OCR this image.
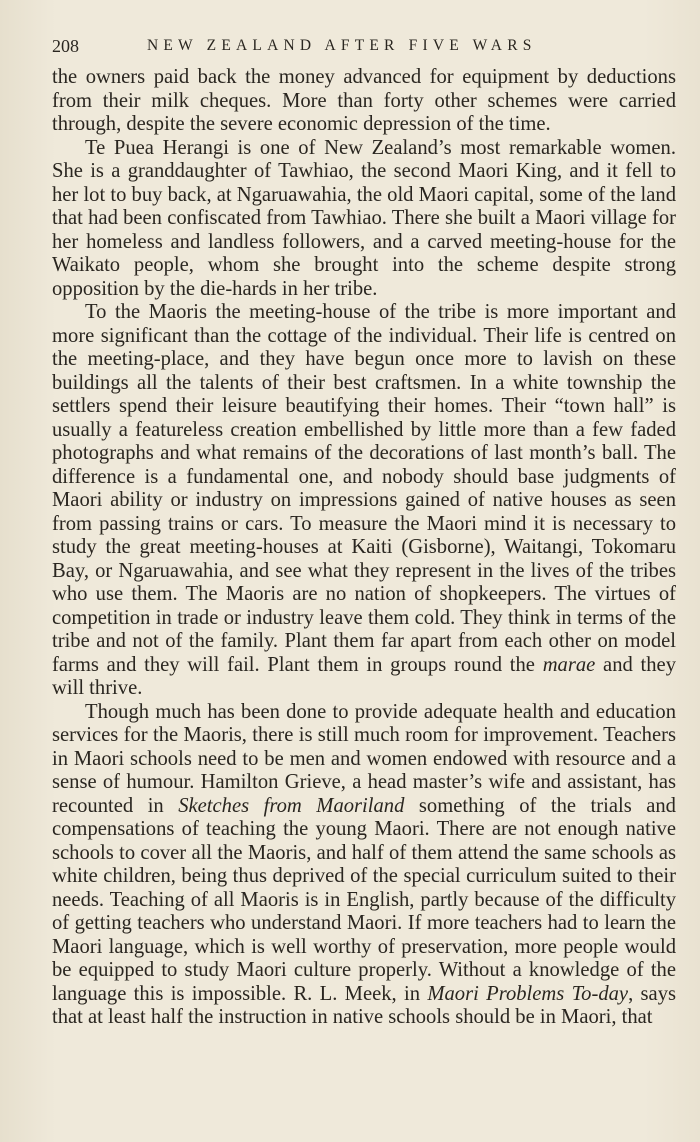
208	NEW ZEALAND AFTER FIVE WARS

the owners paid back the money advanced for equipment by deductions from their milk cheques. More than forty other schemes were carried through, despite the severe economic depression of the time.

Te Puea Herangi is one of New Zealand’s most remarkable women. She is a granddaughter of Tawhiao, the second Maori King, and it fell to her lot to buy back, at Ngaruawahia, the old Maori capital, some of the land that had been confiscated from Tawhiao. There she built a Maori village for her homeless and landless followers, and a carved meeting-house for the Waikato people, whom she brought into the scheme despite strong opposition by the die-hards in her tribe.

To the Maoris the meeting-house of the tribe is more important and more significant than the cottage of the individual. Their life is centred on the meeting-place, and they have begun once more to lavish on these buildings all the talents of their best craftsmen. In a white township the settlers spend their leisure beautifying their homes. Their “town hall” is usually a featureless creation embellished by little more than a few faded photographs and what remains of the decorations of last month’s ball. The difference is a fundamental one, and nobody should base judgments of Maori ability or industry on impressions gained of native houses as seen from passing trains or cars. To measure the Maori mind it is necessary to study the great meeting-houses at Kaiti (Gisborne), Waitangi, Tokomaru Bay, or Ngaruawahia, and see what they represent in the lives of the tribes who use them. The Maoris are no nation of shopkeepers. The virtues of competition in trade or industry leave them cold. They think in terms of the tribe and not of the family. Plant them far apart from each other on model farms and they will fail. Plant them in groups round the marae and they will thrive.

Though much has been done to provide adequate health and education services for the Maoris, there is still much room for improvement. Teachers in Maori schools need to be men and women endowed with resource and a sense of humour. Hamilton Grieve, a head master’s wife and assistant, has recounted in Sketches from Maoriland something of the trials and compensations of teaching the young Maori. There are not enough native schools to cover all the Maoris, and half of them attend the same schools as white children, being thus deprived of the special curriculum suited to their needs. Teaching of all Maoris is in English, partly because of the difficulty of getting teachers who understand Maori. If more teachers had to learn the Maori language, which is well worthy of preservation, more people would be equipped to study Maori culture properly. Without a knowledge of the language this is impossible. R. L. Meek, in Maori Problems To-day, says that at least half the instruction in native schools should be in Maori, that
